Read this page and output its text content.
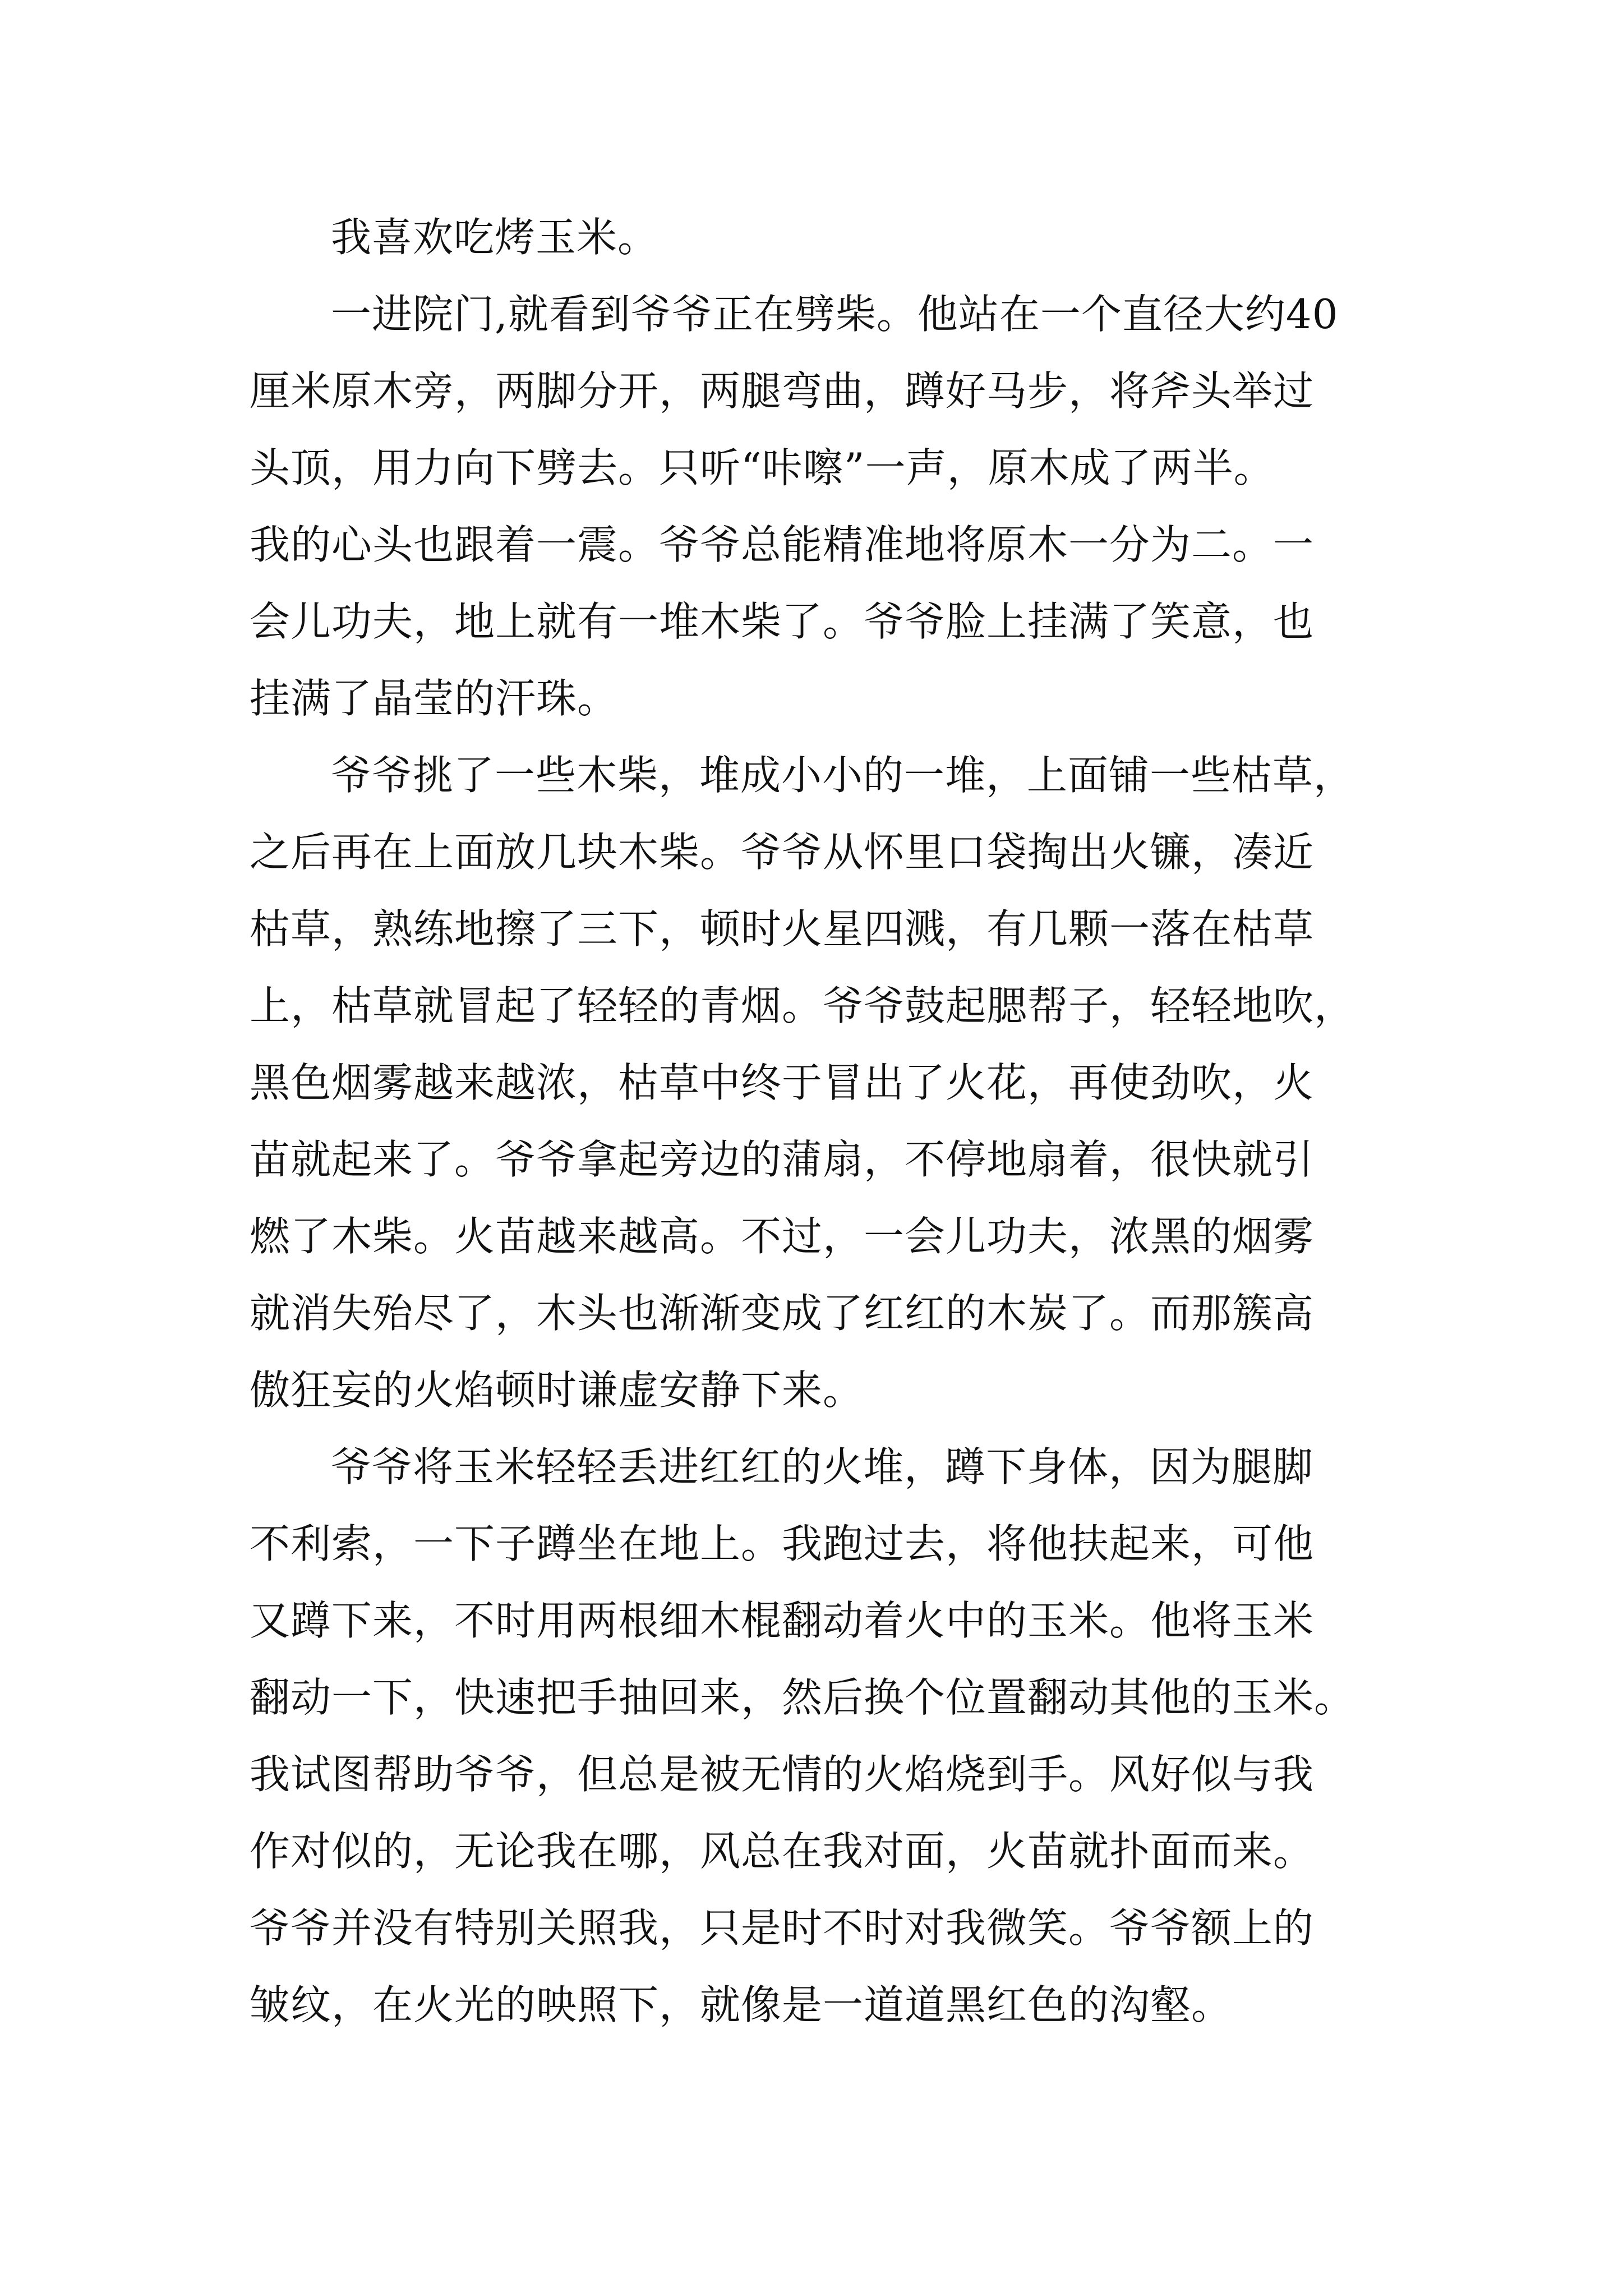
我喜欢吃烤玉米。

一进院门,就看到爷爷正在劈柴。他站在一个直径大约40
厘米原木旁，两脚分开，两腿弯曲，蹲好马步，将斧头举过
头顶，用力向下劈去。只听“咔嚓”一声，原木成了两半。
我的心头也跟着一震。爷爷总能精准地将原木一分为二。一
会儿功夫，地上就有一堆木柴了。爷爷脸上挂满了笑意，也
挂满了晶莹的汗珠。

爷爷挑了一些木柴，堆成小小的一堆，上面铺一些枯草，
之后再在上面放几块木柴。爷爷从怀里口袋掏出火镰，凑近
枯草，熟练地擦了三下，顿时火星四溅，有几颗一落在枯草
上，枯草就冒起了轻轻的青烟。爷爷鼓起腮帮子，轻轻地吹，
黑色烟雾越来越浓，枯草中终于冒出了火花，再使劲吹，火
苗就起来了。爷爷拿起旁边的蒲扇，不停地扇着，很快就引
燃了木柴。火苗越来越高。不过，一会儿功夫，浓黑的烟雾
就消失殆尽了，木头也渐渐变成了红红的木炭了。而那簇高
傲狂妄的火焰顿时谦虚安静下来。

爷爷将玉米轻轻丢进红红的火堆，蹲下身体，因为腿脚
不利索，一下子蹲坐在地上。我跑过去，将他扶起来，可他
又蹲下来，不时用两根细木棍翻动着火中的玉米。他将玉米
翻动一下，快速把手抽回来，然后换个位置翻动其他的玉米。
我试图帮助爷爷，但总是被无情的火焰烧到手。风好似与我
作对似的，无论我在哪，风总在我对面，火苗就扑面而来。
爷爷并没有特别关照我，只是时不时对我微笑。爷爷额上的
皱纹，在火光的映照下，就像是一道道黑红色的沟壑。
